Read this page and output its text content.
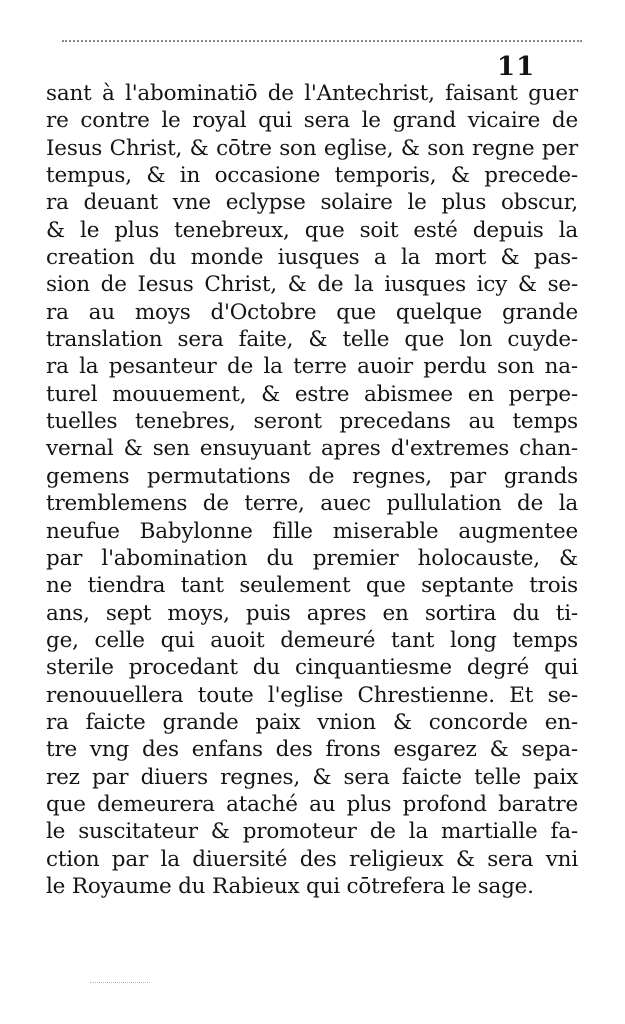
11
sant à l'abominatiō de l'Antechrist, faisant guer
re contre le royal qui sera le grand vicaire de
Iesus Christ, & cōtre son eglise, & son regne per
tempus, & in occasione temporis, & precede-
ra deuant vne eclypse solaire le plus obscur,
& le plus tenebreux, que soit esté depuis la
creation du monde iusques a la mort & pas-
sion de Iesus Christ, & de la iusques icy & se-
ra au moys d'Octobre que quelque grande
translation sera faite, & telle que lon cuyde-
ra la pesanteur de la terre auoir perdu son na-
turel mouuement, & estre abismee en perpe-
tuelles tenebres, seront precedans au temps
vernal & sen ensuyuant apres d'extremes chan-
gemens permutations de regnes, par grands
tremblemens de terre, auec pullulation de la
neufue Babylonne fille miserable augmentee
par l'abomination du premier holocauste, &
ne tiendra tant seulement que septante trois
ans, sept moys, puis apres en sortira du ti-
ge, celle qui auoit demeuré tant long temps
sterile procedant du cinquantiesme degré qui
renouuellera toute l'eglise Chrestienne. Et se-
ra faicte grande paix vnion & concorde en-
tre vng des enfans des frons esgarez & sepa-
rez par diuers regnes, & sera faicte telle paix
que demeurera ataché au plus profond baratre
le suscitateur & promoteur de la martialle fa-
ction par la diuersité des religieux & sera vni
le Royaume du Rabieux qui cōtrefera le sage.
